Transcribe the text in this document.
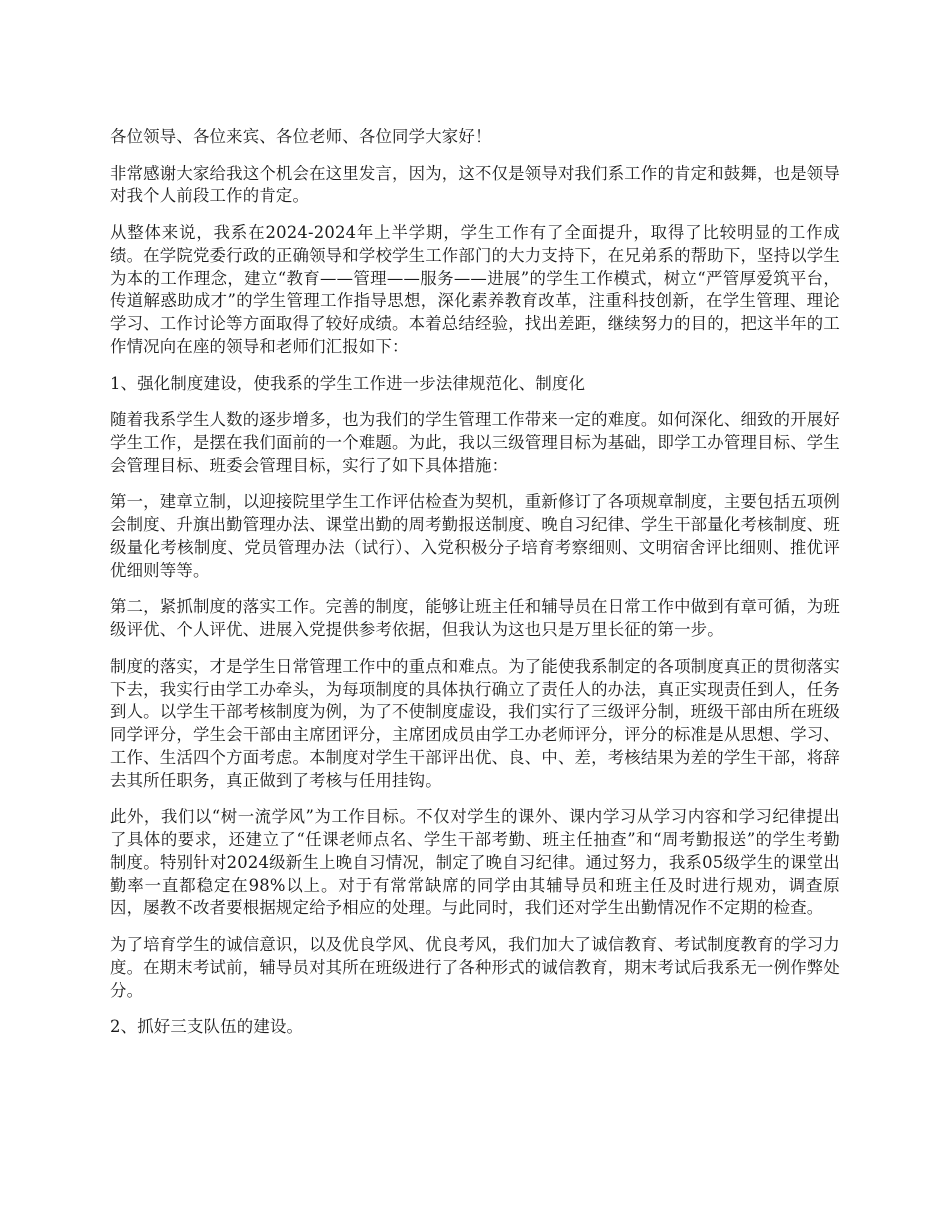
各位领导、各位来宾、各位老师、各位同学大家好！

非常感谢大家给我这个机会在这里发言，因为，这不仅是领导对我们系工作的肯定和鼓舞，也是领导对我个人前段工作的肯定。

从整体来说，我系在2024-2024年上半学期，学生工作有了全面提升，取得了比较明显的工作成绩。在学院党委行政的正确领导和学校学生工作部门的大力支持下，在兄弟系的帮助下，坚持以学生为本的工作理念，建立“教育——管理——服务——进展”的学生工作模式，树立“严管厚爱筑平台，传道解惑助成才”的学生管理工作指导思想，深化素养教育改革，注重科技创新，在学生管理、理论学习、工作讨论等方面取得了较好成绩。本着总结经验，找出差距，继续努力的目的，把这半年的工作情况向在座的领导和老师们汇报如下：

1、强化制度建设，使我系的学生工作进一步法律规范化、制度化

随着我系学生人数的逐步增多，也为我们的学生管理工作带来一定的难度。如何深化、细致的开展好学生工作，是摆在我们面前的一个难题。为此，我以三级管理目标为基础，即学工办管理目标、学生会管理目标、班委会管理目标，实行了如下具体措施：

第一，建章立制，以迎接院里学生工作评估检查为契机，重新修订了各项规章制度，主要包括五项例会制度、升旗出勤管理办法、课堂出勤的周考勤报送制度、晚自习纪律、学生干部量化考核制度、班级量化考核制度、党员管理办法（试行）、入党积极分子培育考察细则、文明宿舍评比细则、推优评优细则等等。

第二，紧抓制度的落实工作。完善的制度，能够让班主任和辅导员在日常工作中做到有章可循，为班级评优、个人评优、进展入党提供参考依据，但我认为这也只是万里长征的第一步。

制度的落实，才是学生日常管理工作中的重点和难点。为了能使我系制定的各项制度真正的贯彻落实下去，我实行由学工办牵头，为每项制度的具体执行确立了责任人的办法，真正实现责任到人，任务到人。以学生干部考核制度为例，为了不使制度虚设，我们实行了三级评分制，班级干部由所在班级同学评分，学生会干部由主席团评分，主席团成员由学工办老师评分，评分的标准是从思想、学习、工作、生活四个方面考虑。本制度对学生干部评出优、良、中、差，考核结果为差的学生干部，将辞去其所任职务，真正做到了考核与任用挂钩。

此外，我们以“树一流学风”为工作目标。不仅对学生的课外、课内学习从学习内容和学习纪律提出了具体的要求，还建立了“任课老师点名、学生干部考勤、班主任抽查”和“周考勤报送”的学生考勤制度。特别针对2024级新生上晚自习情况，制定了晚自习纪律。通过努力，我系05级学生的课堂出勤率一直都稳定在98%以上。对于有常常缺席的同学由其辅导员和班主任及时进行规劝，调查原因，屡教不改者要根据规定给予相应的处理。与此同时，我们还对学生出勤情况作不定期的检查。

为了培育学生的诚信意识，以及优良学风、优良考风，我们加大了诚信教育、考试制度教育的学习力度。在期末考试前，辅导员对其所在班级进行了各种形式的诚信教育，期末考试后我系无一例作弊处分。

2、抓好三支队伍的建设。
